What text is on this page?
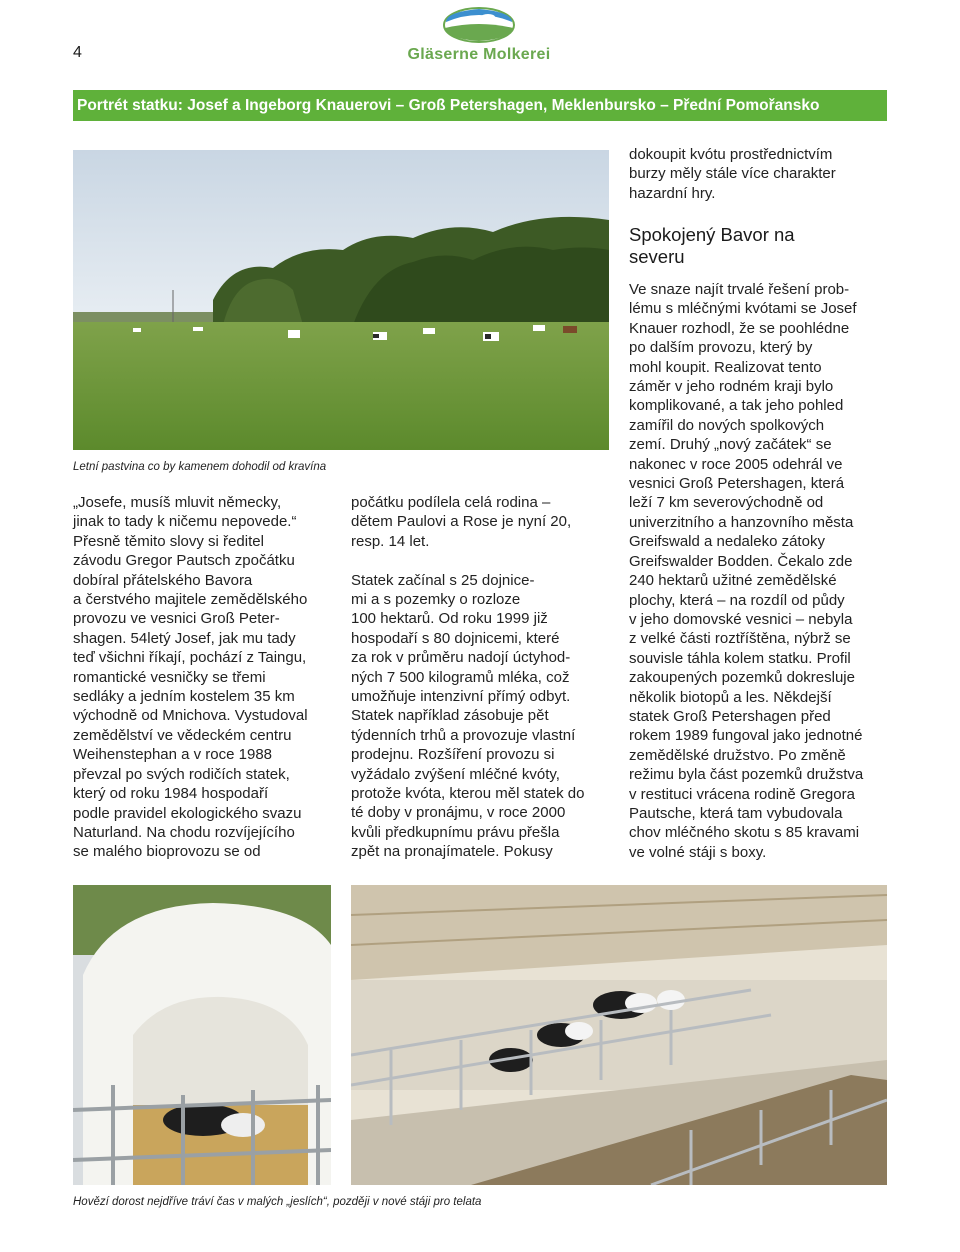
4	Gläserne Molkerei
Portrét statku: Josef a Ingeborg Knauerovi – Groß Petershagen, Meklenbursko – Přední Pomořansko
Letní pastvina co by kamenem dohodil od kravína
„Josefe, musíš mluvit německy,
jinak to tady k ničemu nepovede.“
Přesně těmito slovy si ředitel
závodu Gregor Pautsch zpočátku
dobíral přátelského Bavora
a čerstvého majitele zemědělského
provozu ve vesnici Groß Peter-
shagen. 54letý Josef, jak mu tady
teď všichni říkají, pochází z Taingu,
romantické vesničky se třemi
sedláky a jedním kostelem 35 km
východně od Mnichova. Vystudoval
zemědělství ve vědeckém centru
Weihenstephan a v roce 1988
převzal po svých rodičích statek,
který od roku 1984 hospodaří
podle pravidel ekologického svazu
Naturland. Na chodu rozvíjejícího
se malého bioprovozu se od
počátku podílela celá rodina –
dětem Paulovi a Rose je nyní 20,
resp. 14 let.
Statek začínal s 25 dojnice-
mi a s pozemky o rozloze
100 hektarů. Od roku 1999 již
hospodaří s 80 dojnicemi, které
za rok v průměru nadojí úctyhod-
ných 7 500 kilogramů mléka, což
umožňuje intenzivní přímý odbyt.
Statek například zásobuje pět
týdenních trhů a provozuje vlastní
prodejnu. Rozšíření provozu si
vyžádalo zvýšení mléčné kvóty,
protože kvóta, kterou měl statek do
té doby v pronájmu, v roce 2000
kvůli předkupnímu právu přešla
zpět na pronajímatele. Pokusy
dokoupit kvótu prostřednictvím
burzy měly stále více charakter
hazardní hry.
Spokojený Bavor na
severu
Ve snaze najít trvalé řešení prob-
lému s mléčnými kvótami se Josef
Knauer rozhodl, že se poohlédne
po dalším provozu, který by
mohl koupit. Realizovat tento
záměr v jeho rodném kraji bylo
komplikované, a tak jeho pohled
zamířil do nových spolkových
zemí. Druhý „nový začátek“ se
nakonec v roce 2005 odehrál ve
vesnici Groß Petershagen, která
leží 7 km severovýchodně od
univerzitního a hanzovního města
Greifswald a nedaleko zátoky
Greifswalder Bodden. Čekalo zde
240 hektarů užitné zemědělské
plochy, která – na rozdíl od půdy
v jeho domovské vesnici – nebyla
z velké části roztříštěna, nýbrž se
souvisle táhla kolem statku. Profil
zakoupených pozemků dokresluje
několik biotopů a les. Někdejší
statek Groß Petershagen před
rokem 1989 fungoval jako jednotné
zemědělské družstvo. Po změně
režimu byla část pozemků družstva
v restituci vrácena rodině Gregora
Pautsche, která tam vybudovala
chov mléčného skotu s 85 kravami
ve volné stáji s boxy.
Hovězí dorost nejdříve tráví čas v malých „jeslích“, později v nové stáji pro telata
